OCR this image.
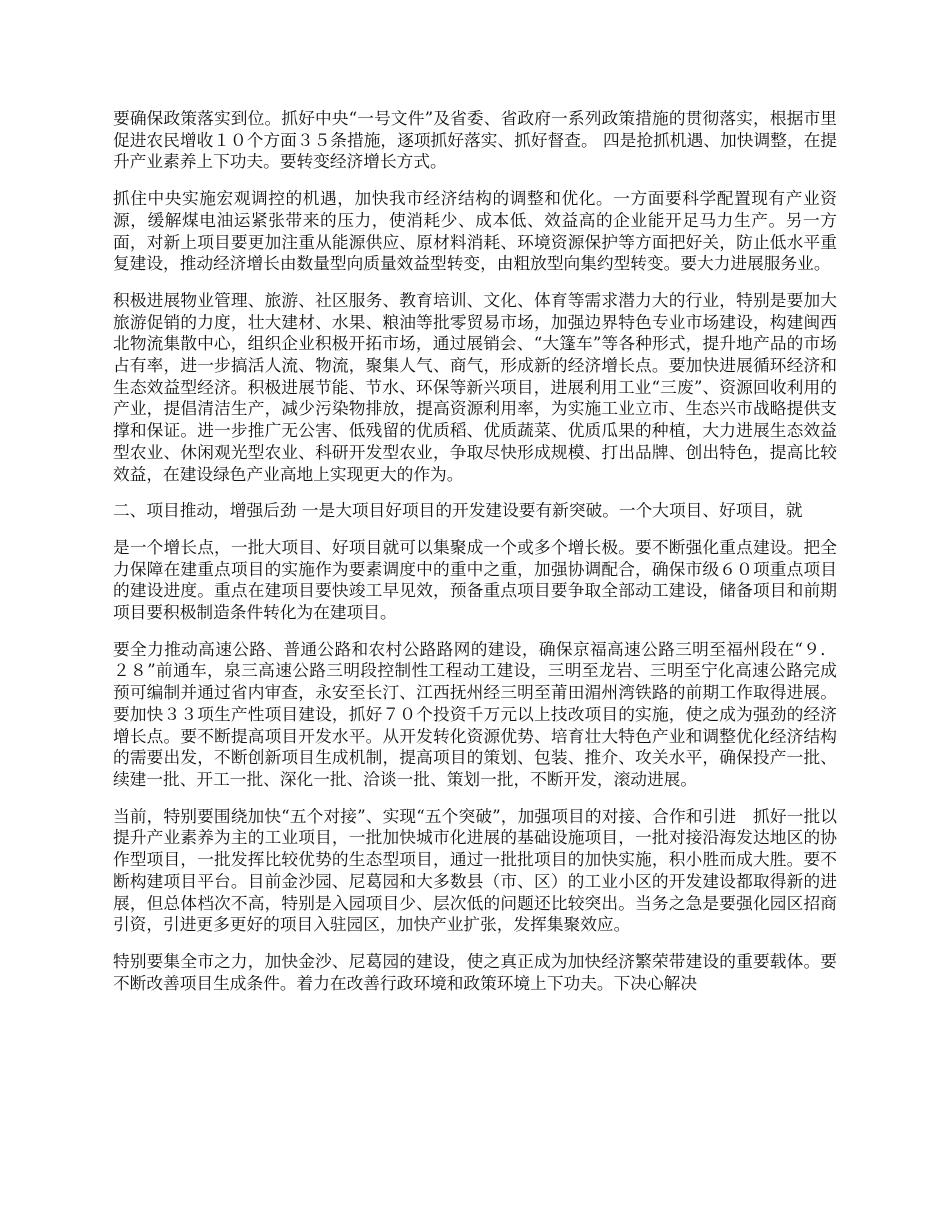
要确保政策落实到位。抓好中央“一号文件”及省委、省政府一系列政策措施的贯彻落实，根据市里促进农民增收１０个方面３５条措施，逐项抓好落实、抓好督查。 四是抢抓机遇、加快调整，在提升产业素养上下功夫。要转变经济增长方式。

抓住中央实施宏观调控的机遇，加快我市经济结构的调整和优化。一方面要科学配置现有产业资源，缓解煤电油运紧张带来的压力，使消耗少、成本低、效益高的企业能开足马力生产。另一方面，对新上项目要更加注重从能源供应、原材料消耗、环境资源保护等方面把好关，防止低水平重复建设，推动经济增长由数量型向质量效益型转变，由粗放型向集约型转变。要大力进展服务业。

积极进展物业管理、旅游、社区服务、教育培训、文化、体育等需求潜力大的行业，特别是要加大旅游促销的力度，壮大建材、水果、粮油等批零贸易市场，加强边界特色专业市场建设，构建闽西北物流集散中心，组织企业积极开拓市场，通过展销会、“大篷车”等各种形式，提升地产品的市场占有率，进一步搞活人流、物流，聚集人气、商气，形成新的经济增长点。要加快进展循环经济和生态效益型经济。积极进展节能、节水、环保等新兴项目，进展利用工业“三废”、资源回收利用的产业，提倡清洁生产，减少污染物排放，提高资源利用率，为实施工业立市、生态兴市战略提供支撑和保证。进一步推广无公害、低残留的优质稻、优质蔬菜、优质瓜果的种植，大力进展生态效益型农业、休闲观光型农业、科研开发型农业，争取尽快形成规模、打出品牌、创出特色，提高比较效益，在建设绿色产业高地上实现更大的作为。

二、项目推动，增强后劲 一是大项目好项目的开发建设要有新突破。一个大项目、好项目，就

是一个增长点，一批大项目、好项目就可以集聚成一个或多个增长极。要不断强化重点建设。把全力保障在建重点项目的实施作为要素调度中的重中之重，加强协调配合，确保市级６０项重点项目的建设进度。重点在建项目要快竣工早见效，预备重点项目要争取全部动工建设，储备项目和前期项目要积极制造条件转化为在建项目。

要全力推动高速公路、普通公路和农村公路路网的建设，确保京福高速公路三明至福州段在“９．２８”前通车，泉三高速公路三明段控制性工程动工建设，三明至龙岩、三明至宁化高速公路完成预可编制并通过省内审查，永安至长汀、江西抚州经三明至莆田湄州湾铁路的前期工作取得进展。要加快３３项生产性项目建设，抓好７０个投资千万元以上技改项目的实施，使之成为强劲的经济增长点。要不断提高项目开发水平。从开发转化资源优势、培育壮大特色产业和调整优化经济结构的需要出发，不断创新项目生成机制，提高项目的策划、包装、推介、攻关水平，确保投产一批、续建一批、开工一批、深化一批、洽谈一批、策划一批，不断开发，滚动进展。

当前，特别要围绕加快“五个对接”、实现“五个突破”，加强项目的对接、合作和引进　抓好一批以提升产业素养为主的工业项目，一批加快城市化进展的基础设施项目，一批对接沿海发达地区的协作型项目，一批发挥比较优势的生态型项目，通过一批批项目的加快实施，积小胜而成大胜。要不断构建项目平台。目前金沙园、尼葛园和大多数县（市、区）的工业小区的开发建设都取得新的进展，但总体档次不高，特别是入园项目少、层次低的问题还比较突出。当务之急是要强化园区招商引资，引进更多更好的项目入驻园区，加快产业扩张，发挥集聚效应。

特别要集全市之力，加快金沙、尼葛园的建设，使之真正成为加快经济繁荣带建设的重要载体。要不断改善项目生成条件。着力在改善行政环境和政策环境上下功夫。下决心解决
